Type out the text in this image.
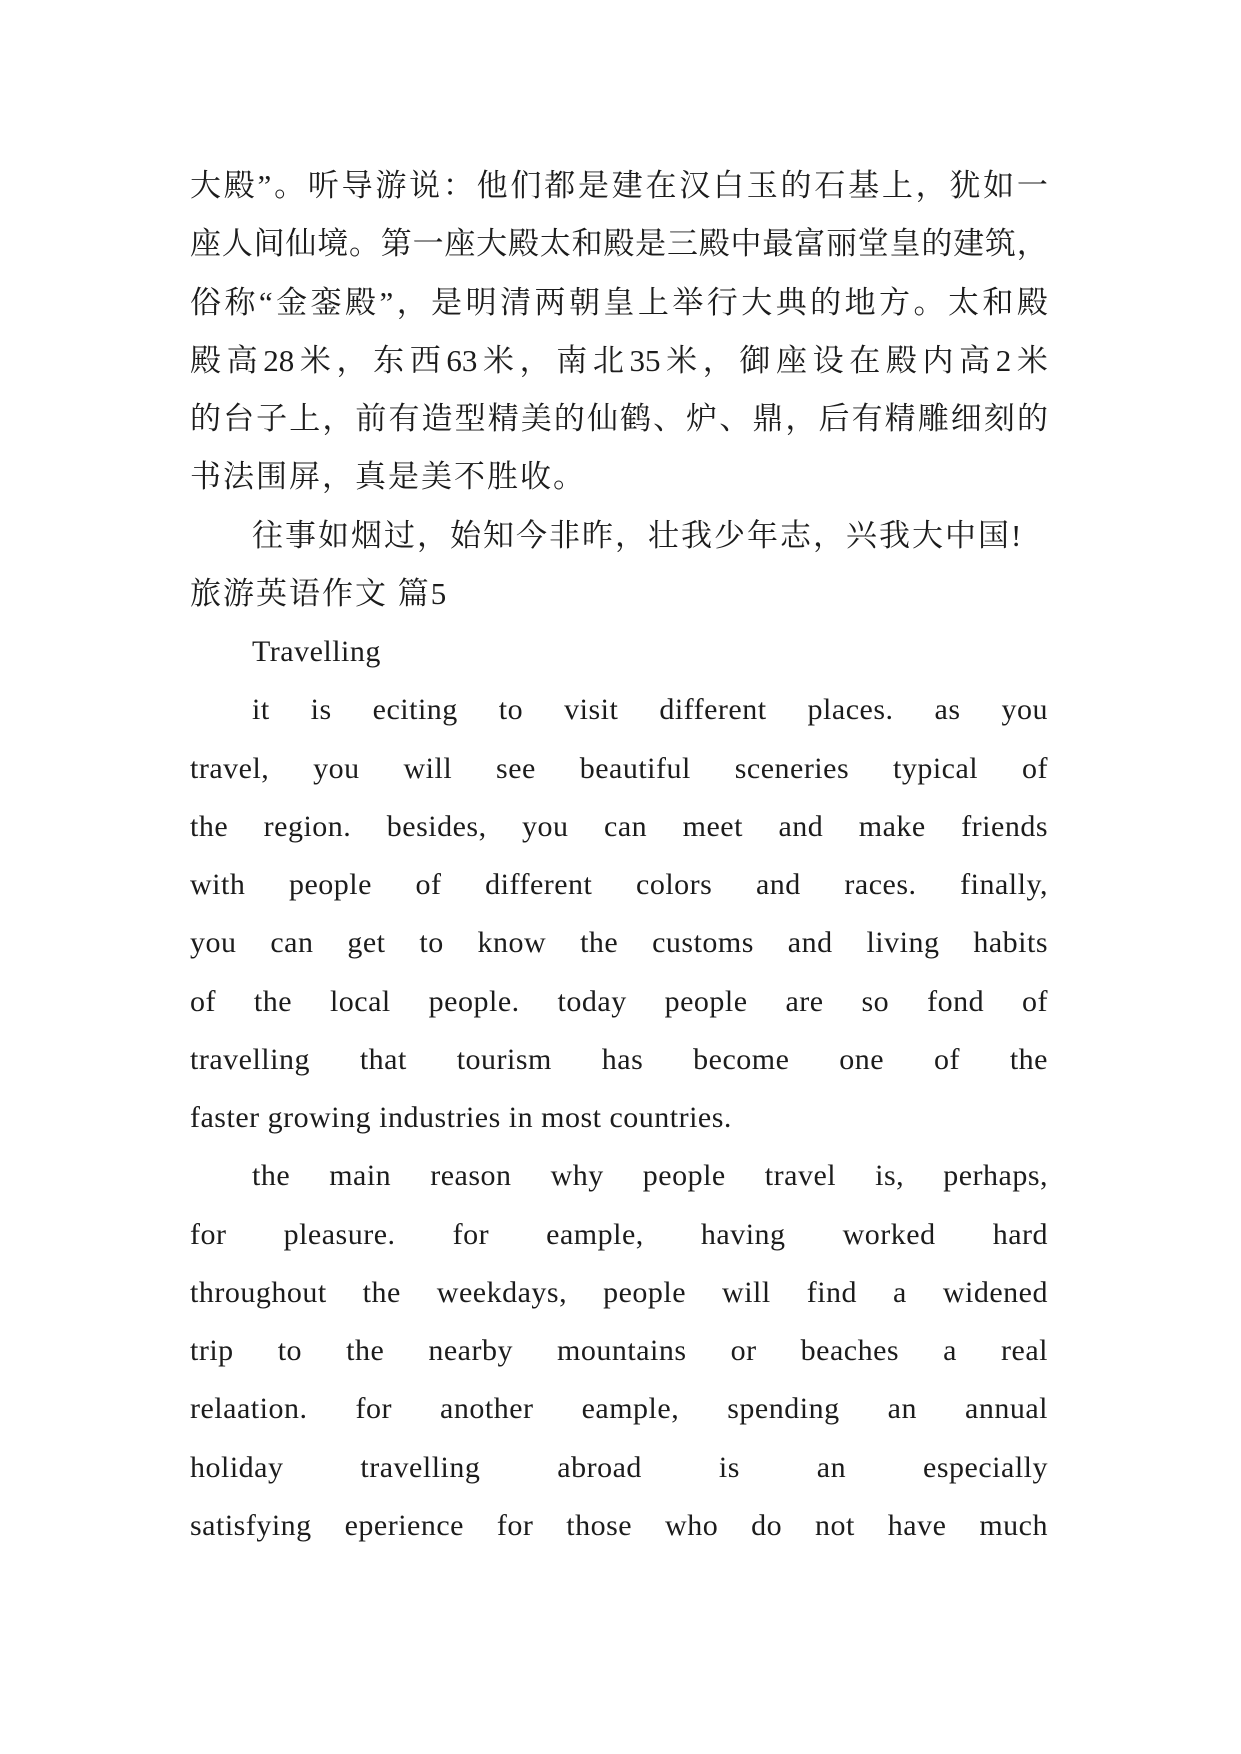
大 殿 ” 。 听 导 游 说 ： 他 们 都 是 建 在 汉 白 玉 的 石 基 上 ， 犹 如 一
座 人 间 仙 境 。 第 一 座 大 殿 太 和 殿 是 三 殿 中 最 富 丽 堂 皇 的 建 筑 ，
俗 称 “ 金 銮 殿 ” ， 是 明 清 两 朝 皇 上 举 行 大 典 的 地 方 。 太 和 殿
殿 高 28 米 ， 东 西 63 米 ， 南 北 35 米 ， 御 座 设 在 殿 内 高 2 米
的 台 子 上 ， 前 有 造 型 精 美 的 仙 鹤 、 炉 、 鼎 ， 后 有 精 雕 细 刻 的
书法围屏，真是美不胜收。
往事如烟过，始知今非昨，壮我少年志，兴我大中国!
旅游英语作文 篇5
Travelling
it is eciting to visit different places. as you
travel, you will see beautiful sceneries typical of
the region. besides, you can meet and make friends
with people of different colors and races. finally,
you can get to know the customs and living habits
of the local people. today people are so fond of
travelling that tourism has become one of the
faster growing industries in most countries.
the main reason why people travel is, perhaps,
for pleasure. for eample, having worked hard
throughout the weekdays, people will find a widened
trip to the nearby mountains or beaches a real
relaation. for another eample, spending an annual
holiday travelling abroad is an especially
satisfying eperience for those who do not have much
